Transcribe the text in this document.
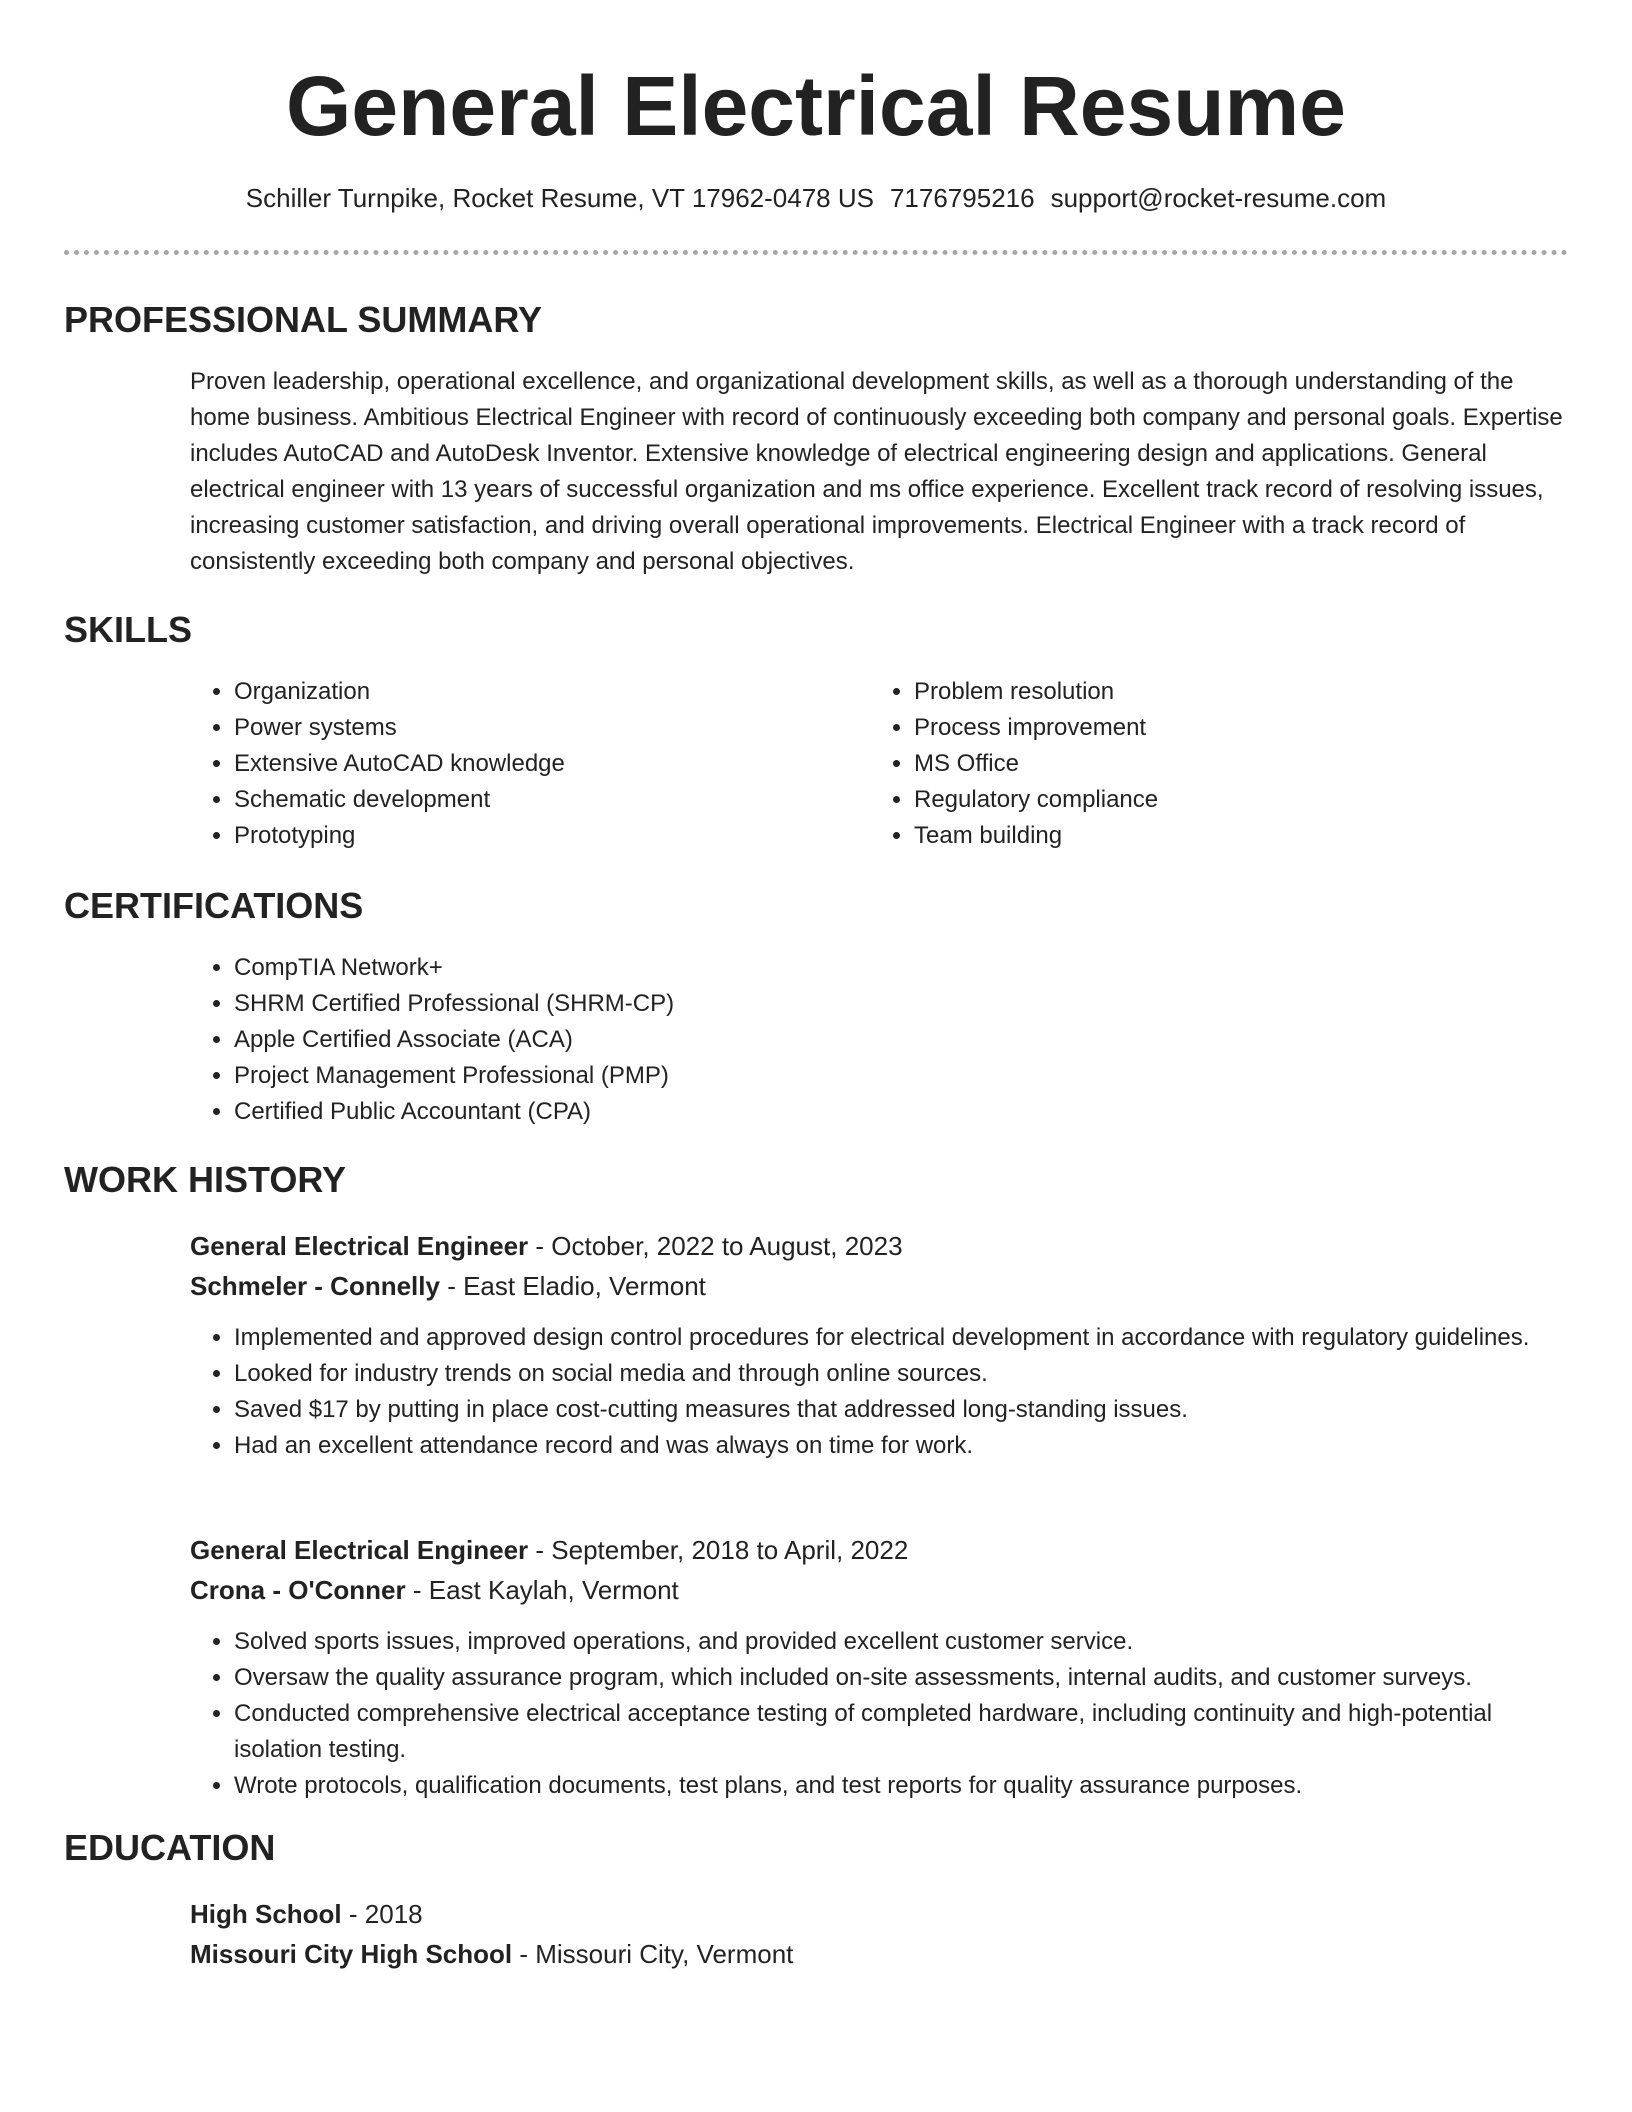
General Electrical Resume
Schiller Turnpike, Rocket Resume, VT 17962-0478 US 7176795216 support@rocket-resume.com
PROFESSIONAL SUMMARY

Proven leadership, operational excellence, and organizational development skills, as well as a thorough understanding of the home business. Ambitious Electrical Engineer with record of continuously exceeding both company and personal goals. Expertise includes AutoCAD and AutoDesk Inventor. Extensive knowledge of electrical engineering design and applications. General electrical engineer with 13 years of successful organization and ms office experience. Excellent track record of resolving issues, increasing customer satisfaction, and driving overall operational improvements. Electrical Engineer with a track record of consistently exceeding both company and personal objectives.

SKILLS
• Organization
• Power systems
• Extensive AutoCAD knowledge
• Schematic development
• Prototyping
• Problem resolution
• Process improvement
• MS Office
• Regulatory compliance
• Team building
CERTIFICATIONS
• CompTIA Network+
• SHRM Certified Professional (SHRM-CP)
• Apple Certified Associate (ACA)
• Project Management Professional (PMP)
• Certified Public Accountant (CPA)
WORK HISTORY

General Electrical Engineer - October, 2022 to August, 2023

Schmeler - Connelly - East Eladio, Vermont

• Implemented and approved design control procedures for electrical development in accordance with regulatory guidelines.
• Looked for industry trends on social media and through online sources.
• Saved $17 by putting in place cost-cutting measures that addressed long-standing issues.
• Had an excellent attendance record and was always on time for work.

General Electrical Engineer - September, 2018 to April, 2022

Crona - O'Conner - East Kaylah, Vermont

• Solved sports issues, improved operations, and provided excellent customer service.
• Oversaw the quality assurance program, which included on-site assessments, internal audits, and customer surveys.
• Conducted comprehensive electrical acceptance testing of completed hardware, including continuity and high-potential isolation testing.
• Wrote protocols, qualification documents, test plans, and test reports for quality assurance purposes.
EDUCATION

High School - 2018

Missouri City High School - Missouri City, Vermont
